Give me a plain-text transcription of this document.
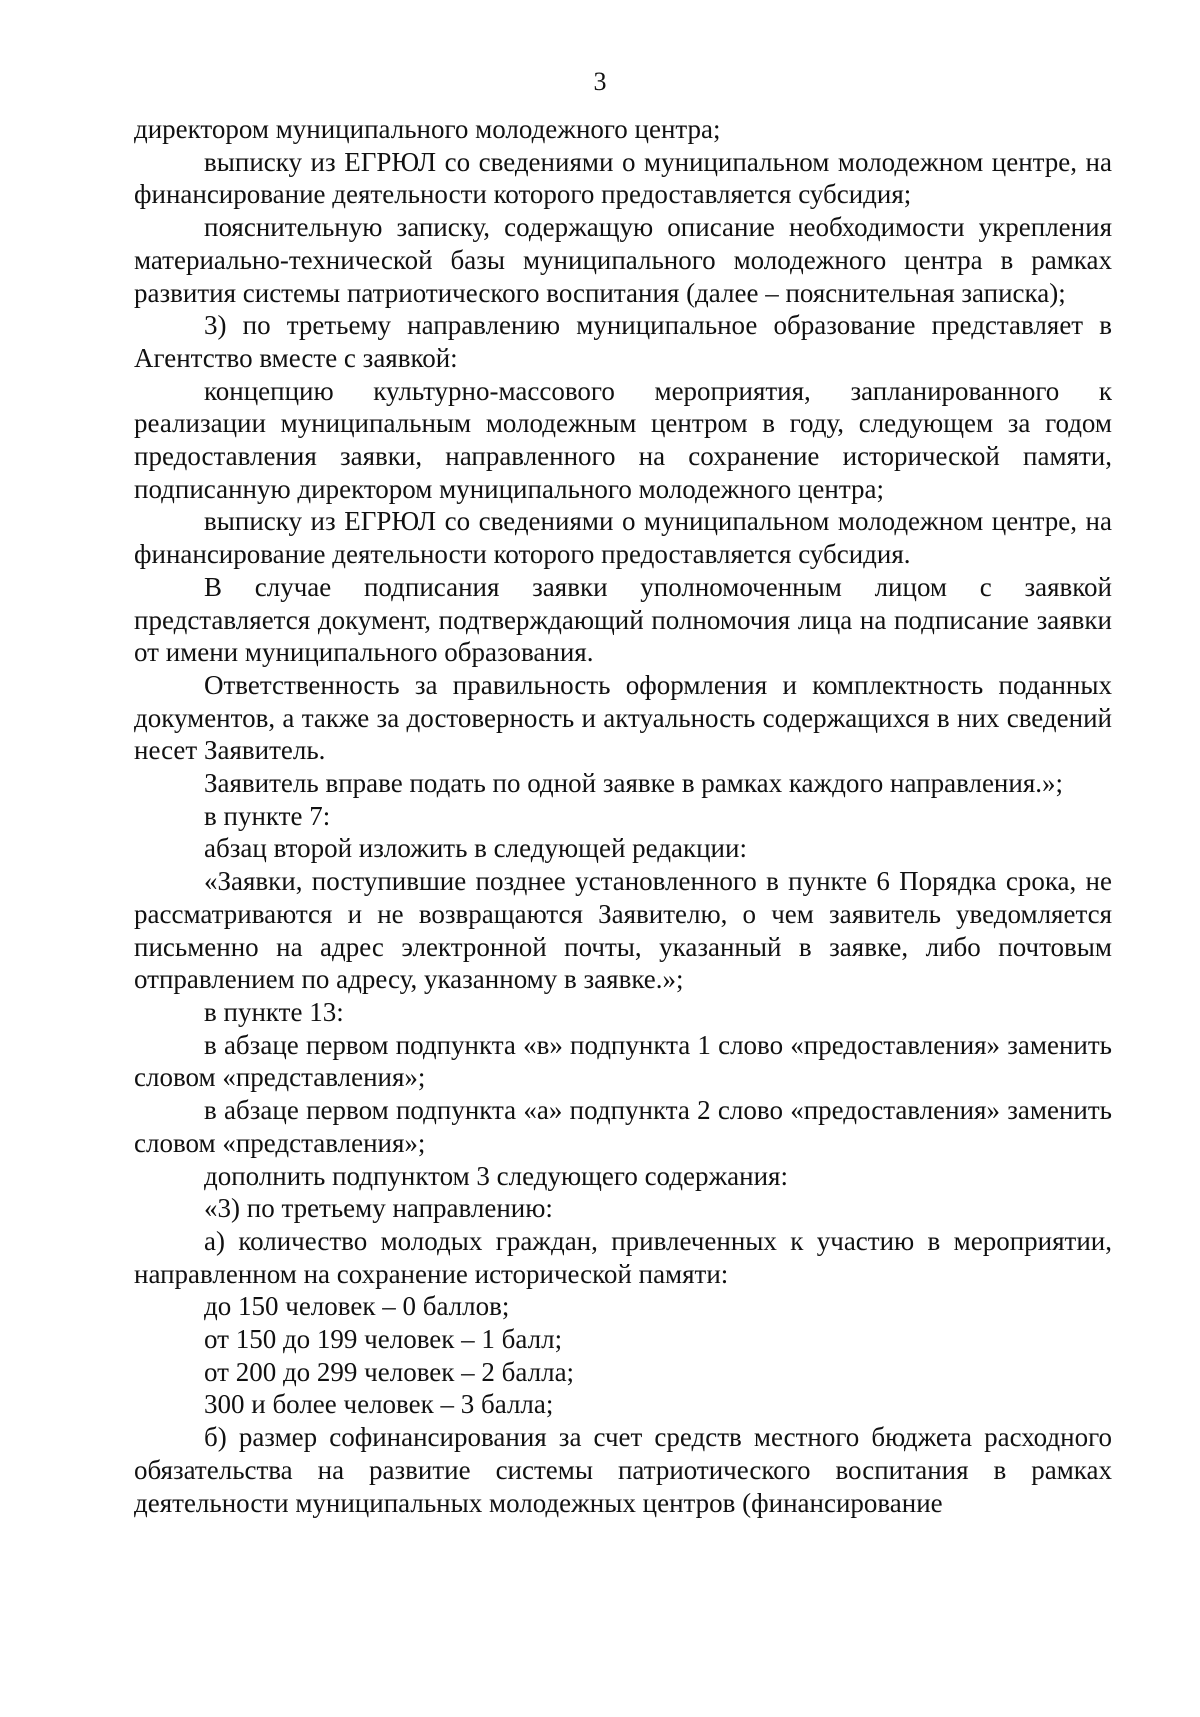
3

директором муниципального молодежного центра;

выписку из ЕГРЮЛ со сведениями о муниципальном молодежном центре, на финансирование деятельности которого предоставляется субсидия;

пояснительную записку, содержащую описание необходимости укрепления материально-технической базы муниципального молодежного центра в рамках развития системы патриотического воспитания (далее – пояснительная записка);

3) по третьему направлению муниципальное образование представляет в Агентство вместе с заявкой:

концепцию культурно-массового мероприятия, запланированного к реализации муниципальным молодежным центром в году, следующем за годом предоставления заявки, направленного на сохранение исторической памяти, подписанную директором муниципального молодежного центра;

выписку из ЕГРЮЛ со сведениями о муниципальном молодежном центре, на финансирование деятельности которого предоставляется субсидия.

В случае подписания заявки уполномоченным лицом с заявкой представляется документ, подтверждающий полномочия лица на подписание заявки от имени муниципального образования.

Ответственность за правильность оформления и комплектность поданных документов, а также за достоверность и актуальность содержащихся в них сведений несет Заявитель.

Заявитель вправе подать по одной заявке в рамках каждого направления.»;

в пункте 7:

абзац второй изложить в следующей редакции:

«Заявки, поступившие позднее установленного в пункте 6 Порядка срока, не рассматриваются и не возвращаются Заявителю, о чем заявитель уведомляется письменно на адрес электронной почты, указанный в заявке, либо почтовым отправлением по адресу, указанному в заявке.»;

в пункте 13:

в абзаце первом подпункта «в» подпункта 1 слово «предоставления» заменить словом «представления»;

в абзаце первом подпункта «а» подпункта 2 слово «предоставления» заменить словом «представления»;

дополнить подпунктом 3 следующего содержания:

«3) по третьему направлению:

а) количество молодых граждан, привлеченных к участию в мероприятии, направленном на сохранение исторической памяти:

до 150 человек – 0 баллов;

от 150 до 199 человек – 1 балл;

от 200 до 299 человек – 2 балла;

300 и более человек – 3 балла;

б) размер софинансирования за счет средств местного бюджета расходного обязательства на развитие системы патриотического воспитания в рамках деятельности муниципальных молодежных центров (финансирование
